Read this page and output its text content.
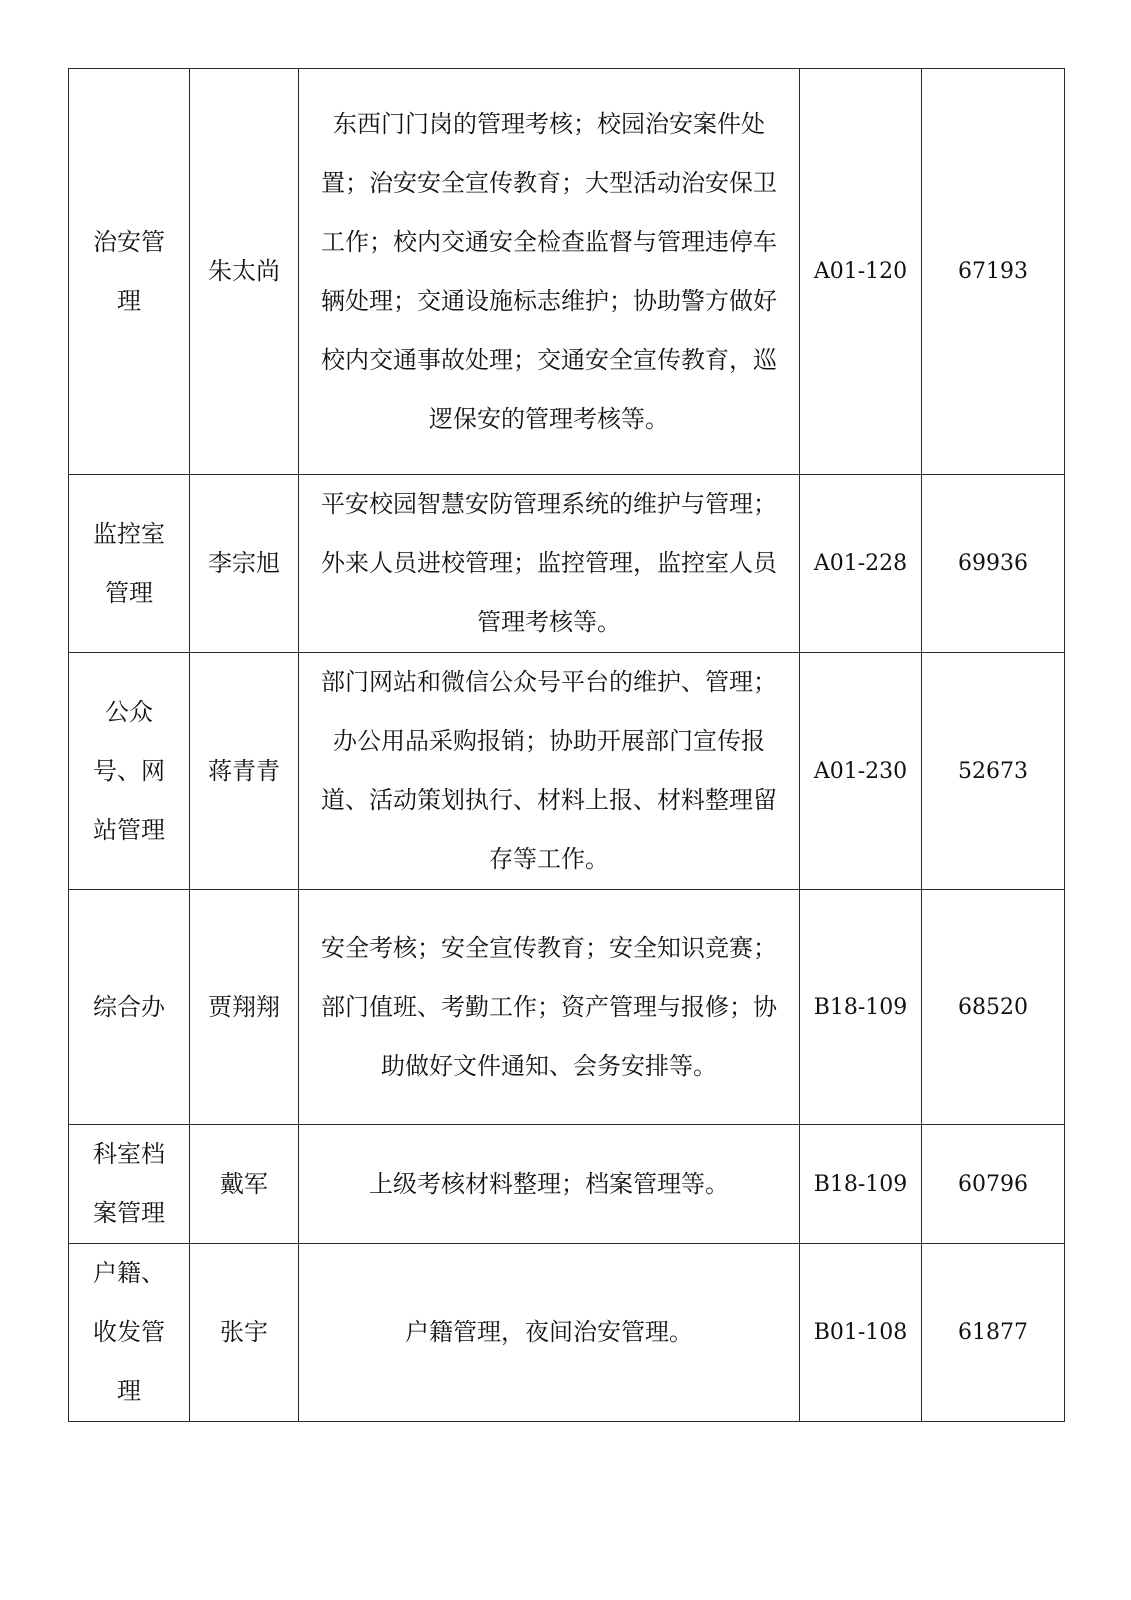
治安管理	朱太尚	东西门门岗的管理考核；校园治安案件处置；治安安全宣传教育；大型活动治安保卫工作；校内交通安全检查监督与管理违停车辆处理；交通设施标志维护；协助警方做好校内交通事故处理；交通安全宣传教育，巡逻保安的管理考核等。	A01-120	67193
监控室管理	李宗旭	平安校园智慧安防管理系统的维护与管理；外来人员进校管理；监控管理，监控室人员管理考核等。	A01-228	69936
公众号、网站管理	蒋青青	部门网站和微信公众号平台的维护、管理；办公用品采购报销；协助开展部门宣传报道、活动策划执行、材料上报、材料整理留存等工作。	A01-230	52673
综合办	贾翔翔	安全考核；安全宣传教育；安全知识竞赛；部门值班、考勤工作；资产管理与报修；协助做好文件通知、会务安排等。	B18-109	68520
科室档案管理	戴军	上级考核材料整理；档案管理等。	B18-109	60796
户籍、收发管理	张宇	户籍管理，夜间治安管理。	B01-108	61877
